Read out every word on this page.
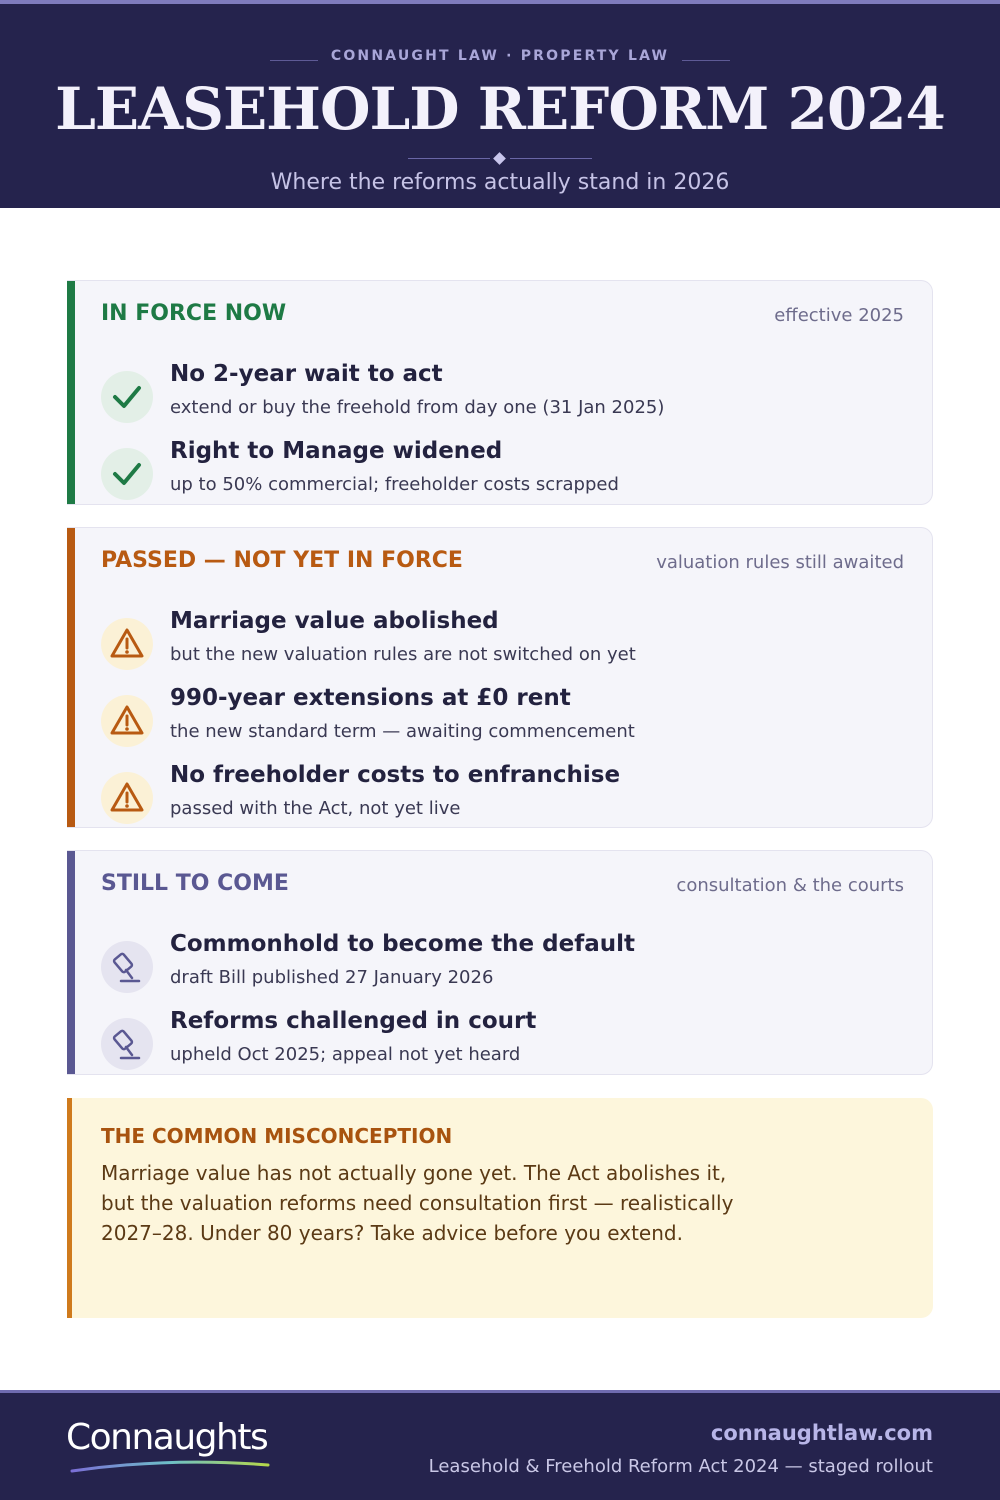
CONNAUGHT LAW · PROPERTY LAW
LEASEHOLD REFORM 2024
Where the reforms actually stand in 2026
IN FORCE NOW	effective 2025
No 2-year wait to act
extend or buy the freehold from day one (31 Jan 2025)
Right to Manage widened
up to 50% commercial; freeholder costs scrapped
PASSED — NOT YET IN FORCE	valuation rules still awaited
Marriage value abolished
but the new valuation rules are not switched on yet
990-year extensions at £0 rent
the new standard term — awaiting commencement
No freeholder costs to enfranchise
passed with the Act, not yet live
STILL TO COME	consultation & the courts
Commonhold to become the default
draft Bill published 27 January 2026
Reforms challenged in court
upheld Oct 2025; appeal not yet heard
THE COMMON MISCONCEPTION
Marriage value has not actually gone yet. The Act abolishes it,
but the valuation reforms need consultation first — realistically
2027–28. Under 80 years? Take advice before you extend.
Connaughts	connaughtlaw.com
Leasehold & Freehold Reform Act 2024 — staged rollout
